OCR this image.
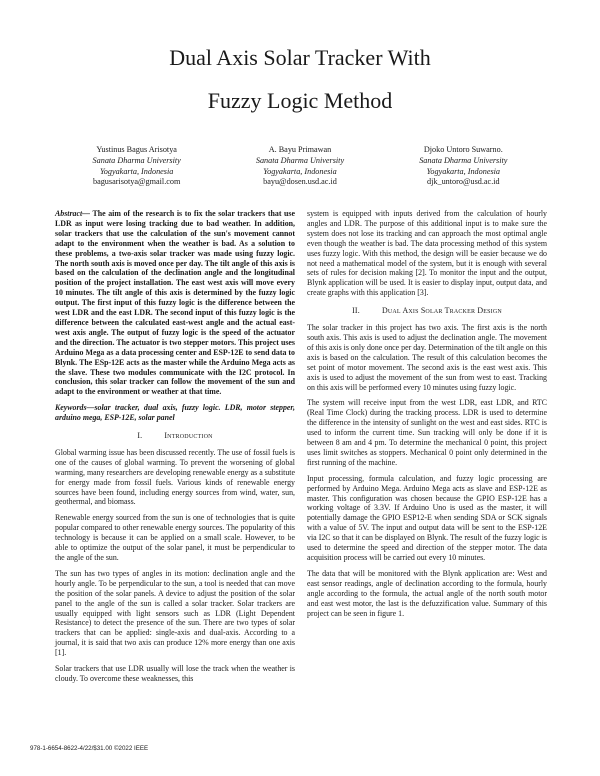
Dual Axis Solar Tracker With
Fuzzy Logic Method
Yustinus Bagus Arisotya
Sanata Dharma University
Yogyakarta, Indonesia
bagusarisotya@gmail.com
A. Bayu Primawan
Sanata Dharma University
Yogyakarta, Indonesia
bayu@dosen.usd.ac.id
Djoko Untoro Suwarno.
Sanata Dharma University
Yogyakarta, Indonesia
djk_untoro@usd.ac.id

Abstract— The aim of the research is to fix the solar trackers that use LDR as input were losing tracking due to bad weather. In addition, solar trackers that use the calculation of the sun's movement cannot adapt to the environment when the weather is bad. As a solution to these problems, a two-axis solar tracker was made using fuzzy logic. The north south axis is moved once per day. The tilt angle of this axis is based on the calculation of the declination angle and the longitudinal position of the project installation. The east west axis will move every 10 minutes. The tilt angle of this axis is determined by the fuzzy logic output. The first input of this fuzzy logic is the difference between the west LDR and the east LDR. The second input of this fuzzy logic is the difference between the calculated east-west angle and the actual east-west axis angle. The output of fuzzy logic is the speed of the actuator and the direction. The actuator is two stepper motors. This project uses Arduino Mega as a data processing center and ESP-12E to send data to Blynk. The ESp-12E acts as the master while the Arduino Mega acts as the slave. These two modules communicate with the I2C protocol. In conclusion, this solar tracker can follow the movement of the sun and adapt to the environment or weather at that time.

Keywords—solar tracker, dual axis, fuzzy logic. LDR, motor stepper, arduino mega, ESP-12E, solar panel

I.	Introduction

Global warming issue has been discussed recently. The use of fossil fuels is one of the causes of global warming. To prevent the worsening of global warming, many researchers are developing renewable energy as a substitute for energy made from fossil fuels. Various kinds of renewable energy sources have been found, including energy sources from wind, water, sun, geothermal, and biomass.

Renewable energy sourced from the sun is one of technologies that is quite popular compared to other renewable energy sources. The popularity of this technology is because it can be applied on a small scale. However, to be able to optimize the output of the solar panel, it must be perpendicular to the angle of the sun.

The sun has two types of angles in its motion: declination angle and the hourly angle. To be perpendicular to the sun, a tool is needed that can move the position of the solar panels. A device to adjust the position of the solar panel to the angle of the sun is called a solar tracker. Solar trackers are usually equipped with light sensors such as LDR (Light Dependent Resistance) to detect the presence of the sun. There are two types of solar trackers that can be applied: single-axis and dual-axis. According to a journal, it is said that two axis can produce 12% more energy than one axis [1].

Solar trackers that use LDR usually will lose the track when the weather is cloudy. To overcome these weaknesses, this

system is equipped with inputs derived from the calculation of hourly angles and LDR. The purpose of this additional input is to make sure the system does not lose its tracking and can approach the most optimal angle even though the weather is bad. The data processing method of this system uses fuzzy logic. With this method, the design will be easier because we do not need a mathematical model of the system, but it is enough with several sets of rules for decision making [2]. To monitor the input and the output, Blynk application will be used. It is easier to display input, output data, and create graphs with this application [3].

II.	Dual Axis Solar Tracker Design

The solar tracker in this project has two axis. The first axis is the north south axis. This axis is used to adjust the declination angle. The movement of this axis is only done once per day. Determination of the tilt angle on this axis is based on the calculation. The result of this calculation becomes the set point of motor movement. The second axis is the east west axis. This axis is used to adjust the movement of the sun from west to east. Tracking on this axis will be performed every 10 minutes using fuzzy logic.

The system will receive input from the west LDR, east LDR, and RTC (Real Time Clock) during the tracking process. LDR is used to determine the difference in the intensity of sunlight on the west and east sides. RTC is used to inform the current time. Sun tracking will only be done if it is between 8 am and 4 pm. To determine the mechanical 0 point, this project uses limit switches as stoppers. Mechanical 0 point only determined in the first running of the machine.

Input processing, formula calculation, and fuzzy logic processing are performed by Arduino Mega. Arduino Mega acts as slave and ESP-12E as master. This configuration was chosen because the GPIO ESP-12E has a working voltage of 3.3V. If Arduino Uno is used as the master, it will potentially damage the GPIO ESP12-E when sending SDA or SCK signals with a value of 5V. The input and output data will be sent to the ESP-12E via I2C so that it can be displayed on Blynk. The result of the fuzzy logic is used to determine the speed and direction of the stepper motor. The data acquisition process will be carried out every 10 minutes.

The data that will be monitored with the Blynk application are: West and east sensor readings, angle of declination according to the formula, hourly angle according to the formula, the actual angle of the north south motor and east west motor, the last is the defuzzification value. Summary of this project can be seen in figure 1.

978-1-6654-8622-4/22/$31.00 ©2022 IEEE
